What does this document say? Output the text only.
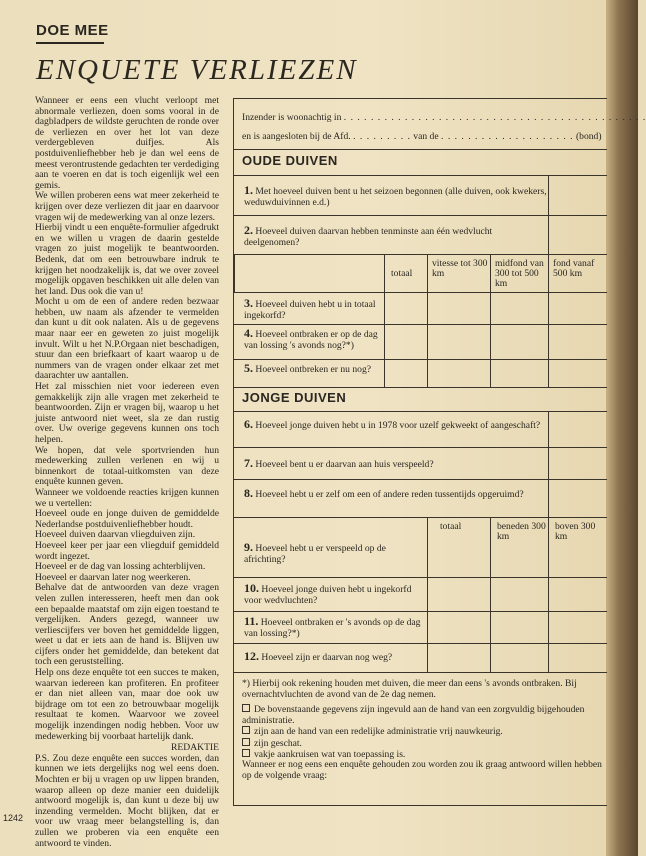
DOE MEE
ENQUETE VERLIEZEN

Wanneer er eens een vlucht verloopt met abnormale verliezen, doen soms vooral in de dagbladpers de wildste geruchten de ronde over de verliezen en over het lot van deze verdergebleven duifjes. Als postduivenliefhebber heb je dan wel eens de meest verontrustende gedachten ter verdediging aan te voeren en dat is toch eigenlijk wel een gemis.

We willen proberen eens wat meer zekerheid te krijgen over deze verliezen dit jaar en daarvoor vragen wij de medewerking van al onze lezers.

Hierbij vindt u een enquête-formulier afgedrukt en we willen u vragen de daarin gestelde vragen zo juist mogelijk te beantwoorden. Bedenk, dat om een betrouwbare indruk te krijgen het noodzakelijk is, dat we over zoveel mogelijk opgaven beschikken uit alle delen van het land. Dus ook die van u!

Mocht u om de een of andere reden bezwaar hebben, uw naam als afzender te vermelden dan kunt u dit ook nalaten. Als u de gegevens maar naar eer en geweten zo juist mogelijk invult. Wilt u het N.P.Orgaan niet beschadigen, stuur dan een briefkaart of kaart waarop u de nummers van de vragen onder elkaar zet met daarachter uw aantallen.

Het zal misschien niet voor iedereen even gemakkelijk zijn alle vragen met zekerheid te beantwoorden. Zijn er vragen bij, waarop u het juiste antwoord niet weet, sla ze dan rustig over. Uw overige gegevens kunnen ons toch helpen.

We hopen, dat vele sportvrienden hun medewerking zullen verlenen en wij u binnenkort de totaal-uitkomsten van deze enquête kunnen geven.

Wanneer we voldoende reacties krijgen kunnen we u vertellen:

Hoeveel oude en jonge duiven de gemiddelde Nederlandse postduivenliefhebber houdt.

Hoeveel duiven daarvan vliegduiven zijn.

Hoeveel keer per jaar een vliegduif gemiddeld wordt ingezet.

Hoeveel er de dag van lossing achterblijven.

Hoeveel er daarvan later nog weerkeren.

Behalve dat de antwoorden van deze vragen velen zullen interesseren, heeft men dan ook een bepaalde maatstaf om zijn eigen toestand te vergelijken. Anders gezegd, wanneer uw verliescijfers ver boven het gemiddelde liggen, weet u dat er iets aan de hand is. Blijven uw cijfers onder het gemiddelde, dan betekent dat toch een geruststelling.

Help ons deze enquête tot een succes te maken, waarvan iedereen kan profiteren. En profiteer er dan niet alleen van, maar doe ook uw bijdrage om tot een zo betrouwbaar mogelijk resultaat te komen. Waarvoor we zoveel mogelijk inzendingen nodig hebben. Voor uw medewerking bij voorbaat hartelijk dank.

REDAKTIE

P.S. Zou deze enquête een succes worden, dan kunnen we iets dergelijks nog wel eens doen. Mochten er bij u vragen op uw lippen branden, waarop alleen op deze manier een duidelijk antwoord mogelijk is, dan kunt u deze bij uw inzending vermelden. Mocht blijken, dat er voor uw vraag meer belangstelling is, dan zullen we proberen via een enquête een antwoord te vinden.

1242
Inzender is woonachtig in . . . . . . . . . . . . . . . . . . . . . . . . . . . . . . . . . . . . . . . . . . . . .
en is aangesloten bij de Afd. . . . . . . . . . van de . . . . . . . . . . . . . . . . . . . . (bond)
OUDE DUIVEN
1. Met hoeveel duiven bent u het seizoen begonnen (alle duiven, ook kwekers, weduwduivinnen e.d.)
2. Hoeveel duiven daarvan hebben tenminste aan één wedvlucht deelgenomen?
totaal
vitesse tot 300 km
midfond van 300 tot 500 km
fond vanaf 500 km
3. Hoeveel duiven hebt u in totaal ingekorfd?
4. Hoeveel ontbraken er op de dag van lossing 's avonds nog?*)
5. Hoeveel ontbreken er nu nog?
JONGE DUIVEN
6. Hoeveel jonge duiven hebt u in 1978 voor uzelf gekweekt of aangeschaft?
7. Hoeveel bent u er daarvan aan huis verspeeld?
8. Hoeveel hebt u er zelf om een of andere reden tussentijds opgeruimd?
9. Hoeveel hebt u er verspeeld op de africhting?
totaal	beneden 300 km
boven 300 km
10. Hoeveel jonge duiven hebt u ingekorfd voor wedvluchten?
11. Hoeveel ontbraken er 's avonds op de dag van lossing?*)
12. Hoeveel zijn er daarvan nog weg?
*) Hierbij ook rekening houden met duiven, die meer dan eens 's avonds ontbraken. Bij overnachtvluchten de avond van de 2e dag nemen.
De bovenstaande gegevens zijn ingevuld aan de hand van een zorgvuldig bijgehouden administratie.
zijn aan de hand van een redelijke administratie vrij nauwkeurig.
zijn geschat.
vakje aankruisen wat van toepassing is.
Wanneer er nog eens een enquête gehouden zou worden zou ik graag antwoord willen hebben op de volgende vraag:
